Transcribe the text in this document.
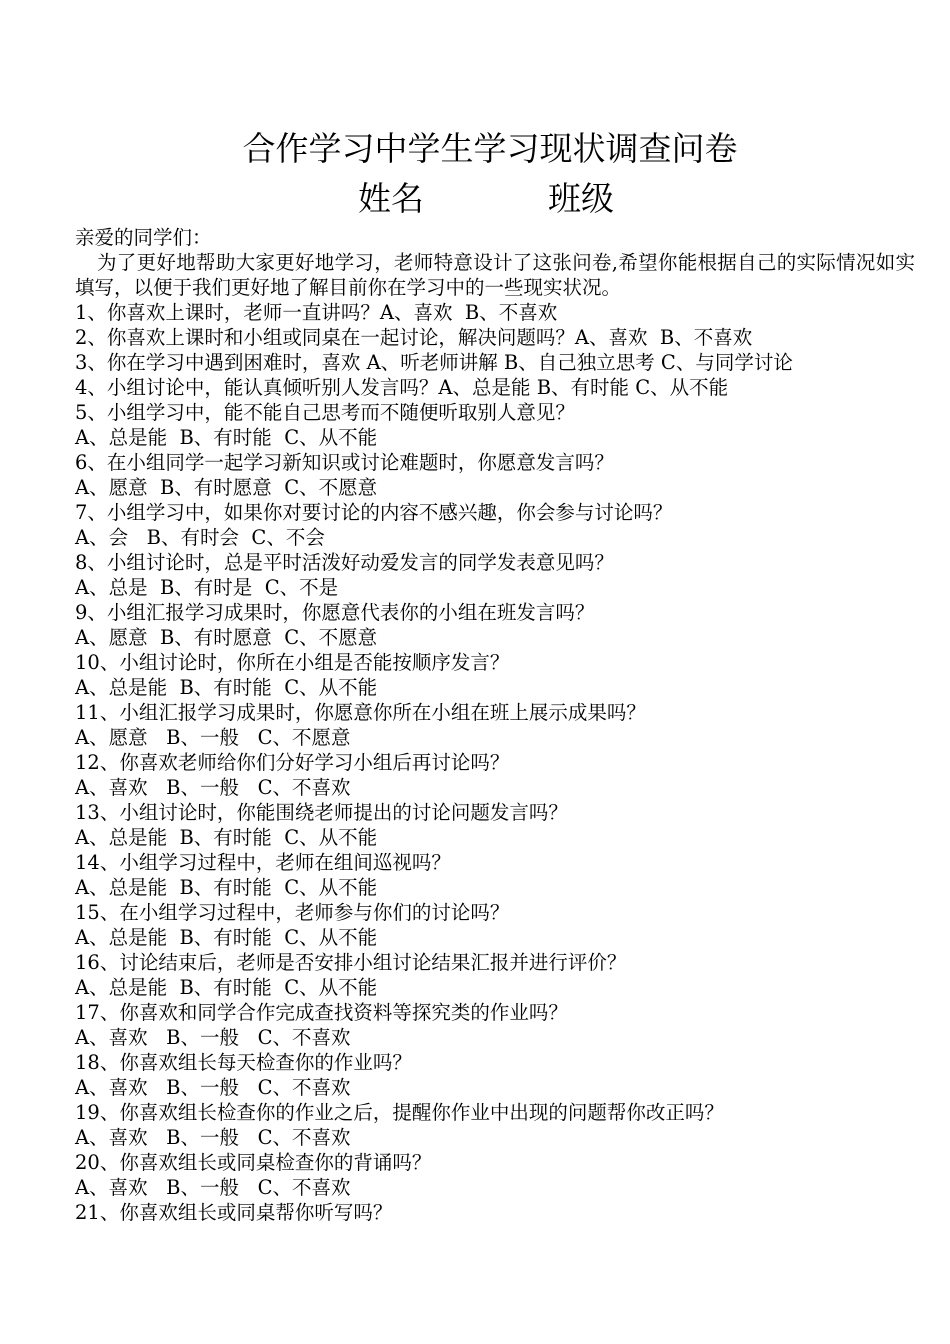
合作学习中学生学习现状调查问卷
姓名	班级
亲爱的同学们：
为了更好地帮助大家更好地学习，老师特意设计了这张问卷,希望你能根据自己的实际情况如实填写，以便于我们更好地了解目前你在学习中的一些现实状况。
1、你喜欢上课时，老师一直讲吗？A、喜欢  B、不喜欢
2、你喜欢上课时和小组或同桌在一起讨论，解决问题吗？A、喜欢  B、不喜欢
3、你在学习中遇到困难时，喜欢 A、听老师讲解 B、自己独立思考 C、与同学讨论
4、小组讨论中，能认真倾听别人发言吗？A、总是能 B、有时能 C、从不能
5、小组学习中，能不能自己思考而不随便听取别人意见？
A、总是能  B、有时能  C、从不能
6、在小组同学一起学习新知识或讨论难题时，你愿意发言吗？
A、愿意  B、有时愿意  C、不愿意
7、小组学习中，如果你对要讨论的内容不感兴趣，你会参与讨论吗？
A、会   B、有时会  C、不会
8、小组讨论时，总是平时活泼好动爱发言的同学发表意见吗？
A、总是  B、有时是  C、不是
9、小组汇报学习成果时，你愿意代表你的小组在班发言吗？
A、愿意  B、有时愿意  C、不愿意
10、小组讨论时，你所在小组是否能按顺序发言？
A、总是能  B、有时能  C、从不能
11、小组汇报学习成果时，你愿意你所在小组在班上展示成果吗？
A、愿意   B、一般   C、不愿意
12、你喜欢老师给你们分好学习小组后再讨论吗？
A、喜欢   B、一般   C、不喜欢
13、小组讨论时，你能围绕老师提出的讨论问题发言吗？
A、总是能  B、有时能  C、从不能
14、小组学习过程中，老师在组间巡视吗？
A、总是能  B、有时能  C、从不能
15、在小组学习过程中，老师参与你们的讨论吗？
A、总是能  B、有时能  C、从不能
16、讨论结束后，老师是否安排小组讨论结果汇报并进行评价？
A、总是能  B、有时能  C、从不能
17、你喜欢和同学合作完成查找资料等探究类的作业吗？
A、喜欢   B、一般   C、不喜欢
18、你喜欢组长每天检查你的作业吗？
A、喜欢   B、一般   C、不喜欢
19、你喜欢组长检查你的作业之后，提醒你作业中出现的问题帮你改正吗？
A、喜欢   B、一般   C、不喜欢
20、你喜欢组长或同桌检查你的背诵吗？
A、喜欢   B、一般   C、不喜欢
21、你喜欢组长或同桌帮你听写吗？
